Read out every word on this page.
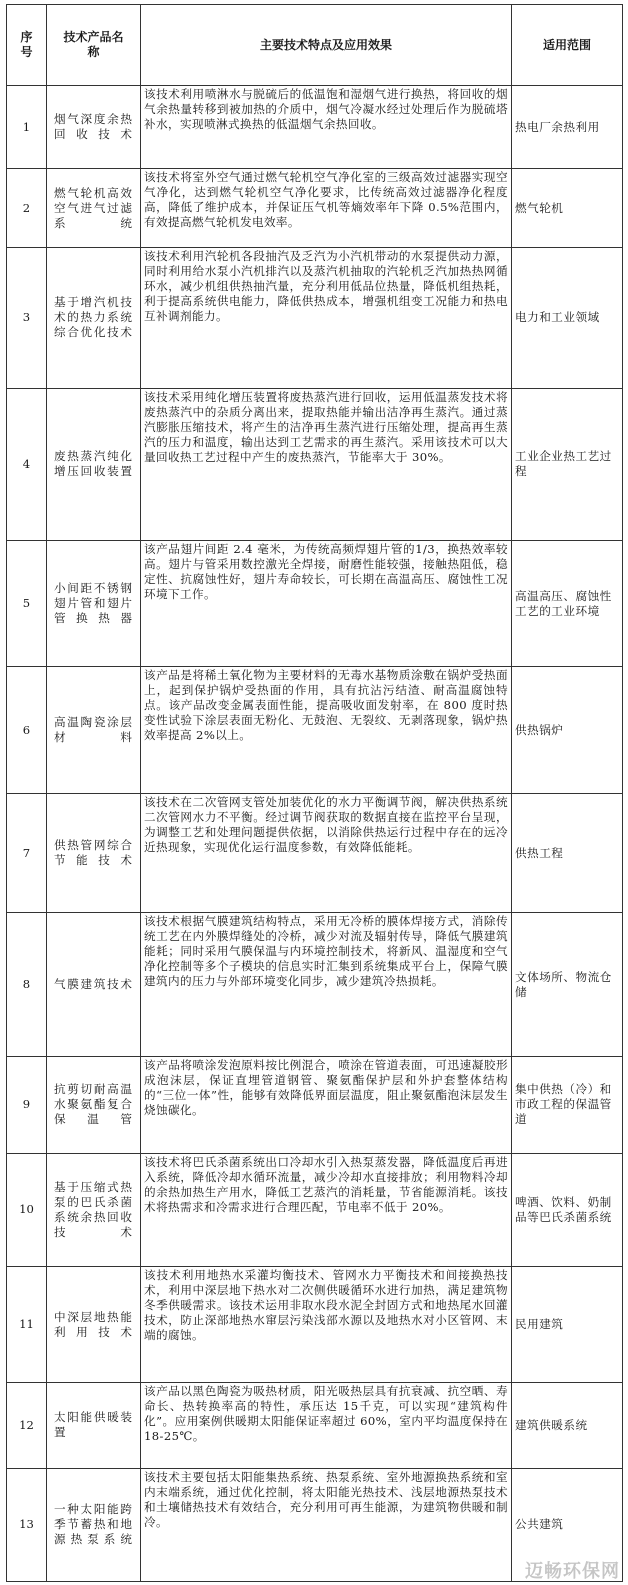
序号	技术产品名称	主要技术特点及应用效果	适用范围
1	烟气深度余热回收技术	该技术利用喷淋水与脱硫后的低温饱和湿烟气进行换热，将回收的烟气余热量转移到被加热的介质中，烟气冷凝水经过处理后作为脱硫塔补水，实现喷淋式换热的低温烟气余热回收。	热电厂余热利用
2	燃气轮机高效空气进气过滤系统	该技术将室外空气通过燃气轮机空气净化室的三级高效过滤器实现空气净化，达到燃气轮机空气净化要求，比传统高效过滤器净化程度高，降低了维护成本，并保证压气机等熵效率年下降 0.5%范围内，有效提高燃气轮机发电效率。	燃气轮机
3	基于增汽机技术的热力系统综合优化技术	该技术利用汽轮机各段抽汽及乏汽为小汽机带动的水泵提供动力源，同时利用给水泵小汽机排汽以及蒸汽机抽取的汽轮机乏汽加热热网循环水，减少机组供热抽汽量，充分利用低品位热量，降低机组热耗，利于提高系统供电能力，降低供热成本，增强机组变工况能力和热电互补调剂能力。	电力和工业领域
4	废热蒸汽纯化增压回收装置	该技术采用纯化增压装置将废热蒸汽进行回收，运用低温蒸发技术将废热蒸汽中的杂质分离出来，提取热能并输出洁净再生蒸汽。通过蒸汽膨胀压缩技术，将产生的洁净再生蒸汽进行压缩处理，提高再生蒸汽的压力和温度，输出达到工艺需求的再生蒸汽。采用该技术可以大量回收热工艺过程中产生的废热蒸汽，节能率大于 30%。	工业企业热工艺过程
5	小间距不锈钢翅片管和翅片管换热器	该产品翅片间距 2.4 毫米，为传统高频焊翅片管的1/3，换热效率较高。翅片与管采用数控激光全焊接，耐磨性能较强，接触热阻低，稳定性、抗腐蚀性好，翅片寿命较长，可长期在高温高压、腐蚀性工况环境下工作。	高温高压、腐蚀性工艺的工业环境
6	高温陶瓷涂层材料	该产品是将稀土氧化物为主要材料的无毒水基物质涂敷在锅炉受热面上，起到保护锅炉受热面的作用，具有抗沾污结渣、耐高温腐蚀特点。该产品改变金属表面性能，提高吸收面发射率，在 800 度时热变性试验下涂层表面无粉化、无鼓泡、无裂纹、无剥落现象，锅炉热效率提高 2%以上。	供热锅炉
7	供热管网综合节能技术	该技术在二次管网支管处加装优化的水力平衡调节阀，解决供热系统二次管网水力不平衡。经过调节阀获取的数据直接在监控平台呈现，为调整工艺和处理问题提供依据，以消除供热运行过程中存在的远冷近热现象，实现优化运行温度参数，有效降低能耗。	供热工程
8	气膜建筑技术	该技术根据气膜建筑结构特点，采用无冷桥的膜体焊接方式，消除传统工艺在内外膜焊缝处的冷桥，减少对流及辐射传导，降低气膜建筑能耗；同时采用气膜保温与内环境控制技术，将新风、温湿度和空气净化控制等多个子模块的信息实时汇集到系统集成平台上，保障气膜建筑内的压力与外部环境变化同步，减少建筑冷热损耗。	文体场所、物流仓储
9	抗剪切耐高温水聚氨酯复合保温管	该产品将喷涂发泡原料按比例混合，喷涂在管道表面，可迅速凝胶形成泡沫层，保证直埋管道钢管、聚氨酯保护层和外护套整体结构的“三位一体”性，能够有效降低界面层温度，阻止聚氨酯泡沫层发生烧蚀碳化。	集中供热（冷）和市政工程的保温管道
10	基于压缩式热泵的巴氏杀菌系统余热回收技术	该技术将巴氏杀菌系统出口冷却水引入热泵蒸发器，降低温度后再进入系统，降低冷却水循环流量，减少冷却水直接排放；利用物料冷却的余热加热生产用水，降低工艺蒸汽的消耗量，节省能源消耗。该技术将热需求和冷需求进行合理匹配，节电率不低于 20%。	啤酒、饮料、奶制品等巴氏杀菌系统
11	中深层地热能利用技术	该技术利用地热水采灌均衡技术、管网水力平衡技术和间接换热技术，利用中深层地下热水对二次侧供暖循环水进行加热，满足建筑物冬季供暖需求。该技术运用非取水段水泥全封固方式和地热尾水回灌技术，防止深部地热水窜层污染浅部水源以及地热水对小区管网、末端的腐蚀。	民用建筑
12	太阳能供暖装置	该产品以黑色陶瓷为吸热材质，阳光吸热层具有抗衰减、抗空晒、寿命长、热转换率高的特性，承压达 15千克，可以实现“建筑构件化”。应用案例供暖期太阳能保证率超过 60%，室内平均温度保持在 18-25℃。	建筑供暖系统
13	一种太阳能跨季节蓄热和地源热泵系统	该技术主要包括太阳能集热系统、热泵系统、室外地源换热系统和室内末端系统，通过优化控制，将太阳能光热技术、浅层地源热泵技术和土壤储热技术有效结合，充分利用可再生能源，为建筑物供暖和制冷。	公共建筑
迈畅环保网
